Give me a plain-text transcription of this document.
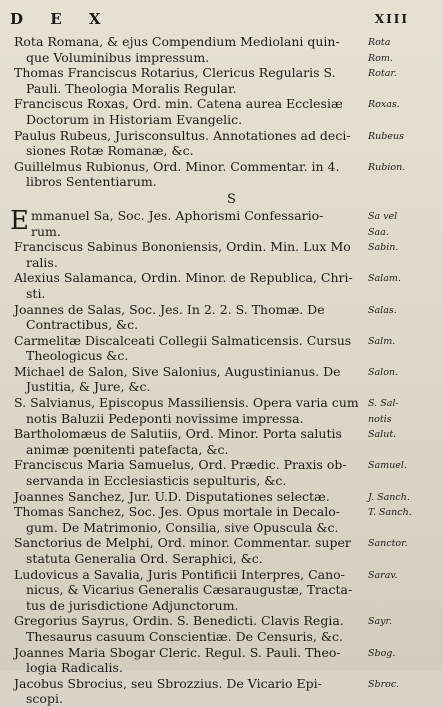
D E X	XIII
Rota Romana, & ejus Compendium Mediolani quin-
que Voluminibus impressum.
Rota
Rom.
Thomas Franciscus Rotarius, Clericus Regularis S.
Pauli. Theologia Moralis Regular.
Rotar.
Franciscus Roxas, Ord. min. Catena aurea Ecclesiæ
Doctorum in Historiam Evangelic.
Roxas.
Paulus Rubeus, Jurisconsultus. Annotationes ad deci-
siones Rotæ Romanæ, &c.
Rubeus
Guillelmus Rubionus, Ord. Minor. Commentar. in 4.
libros Sententiarum.
Rubion.
S
E mmanuel Sa, Soc. Jes. Aphorismi Confessario-
rum.
Sa vel
Saa.
Franciscus Sabinus Bononiensis, Ordin. Min. Lux Mo
ralis.
Sabin.
Alexius Salamanca, Ordin. Minor. de Republica, Chri-
sti.
Salam.
Joannes de Salas, Soc. Jes. In 2. 2. S. Thomæ. De
Contractibus, &c.
Salas.
Carmelitæ Discalceati Collegii Salmaticensis. Cursus
Theologicus &c.
Salm.
Michael de Salon, Sive Salonius, Augustinianus. De
Justitia, & Jure, &c.
Salon.
S. Salvianus, Episcopus Massiliensis. Opera varia cum
notis Baluzii Pedeponti novissime impressa.
S. Sal-
notis
Bartholomæus de Salutiis, Ord. Minor. Porta salutis
animæ pœnitenti patefacta, &c.
Salut.
Franciscus Maria Samuelus, Ord. Prædic. Praxis ob-
servanda in Ecclesiasticis sepulturis, &c.
Samuel.
Joannes Sanchez, Jur. U.D. Disputationes selectæ.	J. Sanch.
Thomas Sanchez, Soc. Jes. Opus mortale in Decalo-
gum. De Matrimonio, Consilia, sive Opuscula &c.
T. Sanch.
Sanctorius de Melphi, Ord. minor. Commentar. super
statuta Generalia Ord. Seraphici, &c.
Sanctor.
Ludovicus a Savalia, Juris Pontificii Interpres, Cano-
nicus, & Vicarius Generalis Cæsaraugustæ, Tracta-
tus de jurisdictione Adjunctorum.
Sarav.
Gregorius Sayrus, Ordin. S. Benedicti. Clavis Regia.
Thesaurus casuum Conscientiæ. De Censuris, &c.
Sayr.
Joannes Maria Sbogar Cleric. Regul. S. Pauli. Theo-
logia Radicalis.
Sbog.
Jacobus Sbrocius, seu Sbrozzius. De Vicario Epi-
scopi.
Sbroc.
